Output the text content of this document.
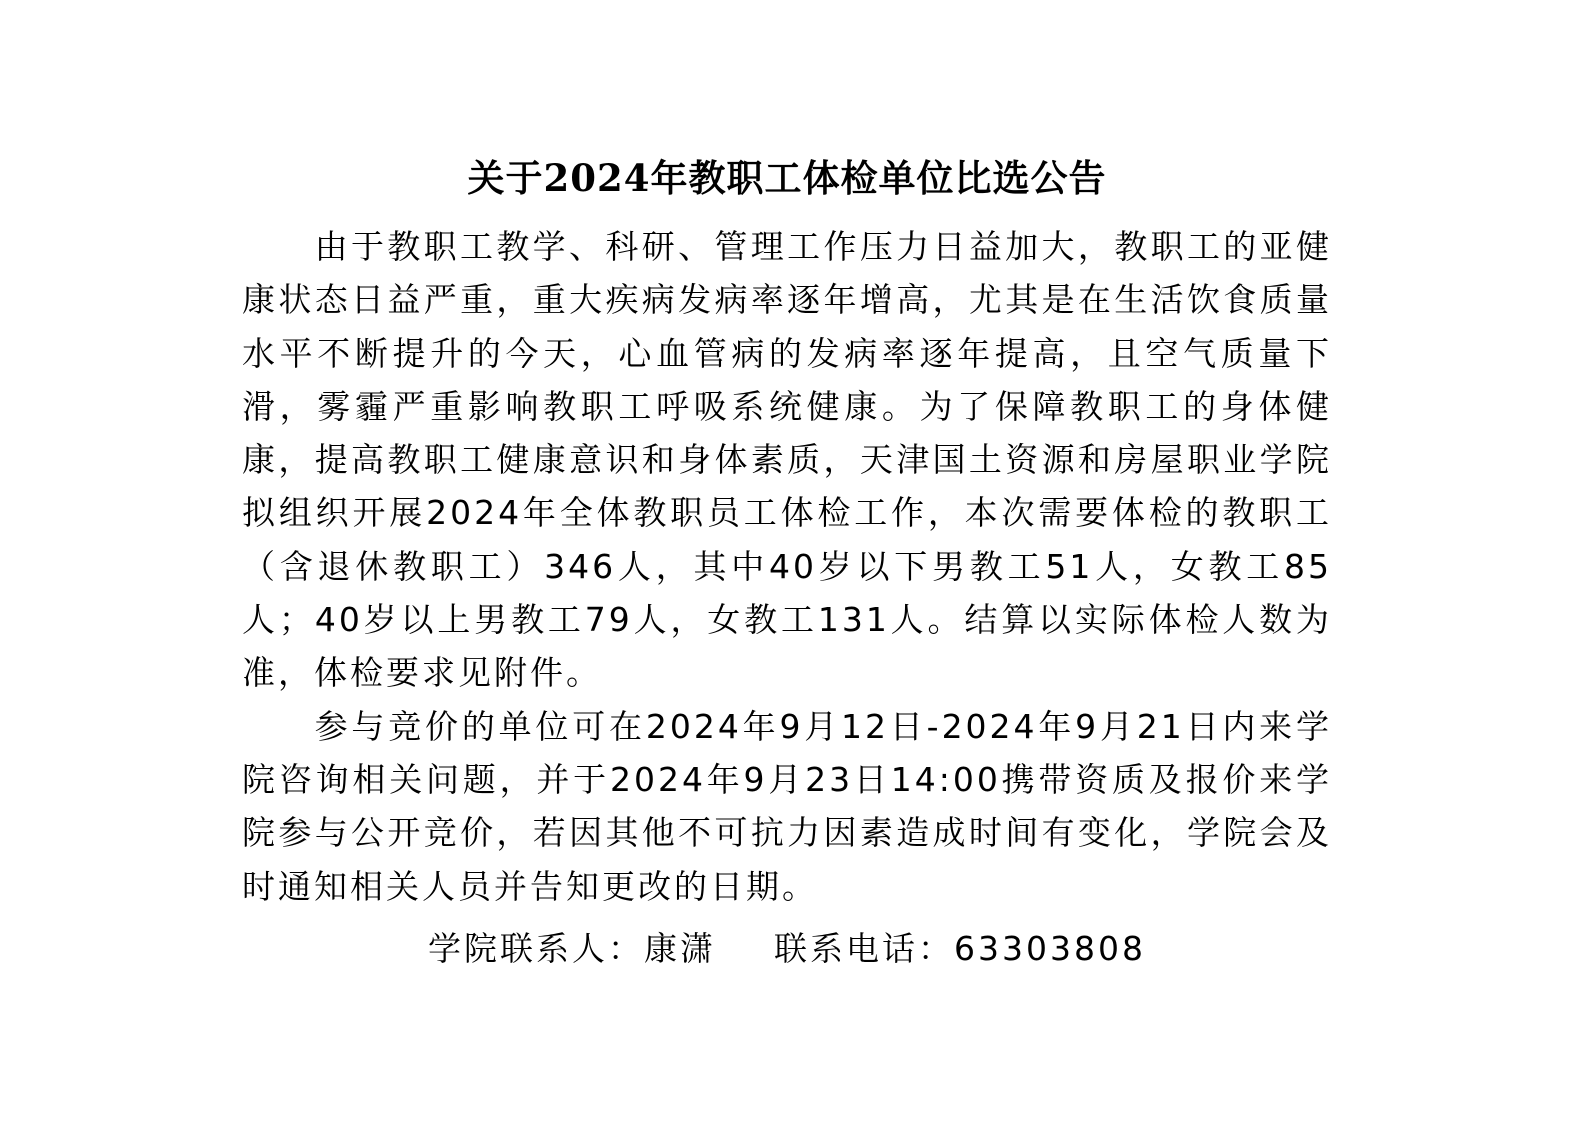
关于2024年教职工体检单位比选公告

由于教职工教学、科研、管理工作压力日益加大，教职工的亚健康状态日益严重，重大疾病发病率逐年增高，尤其是在生活饮食质量水平不断提升的今天，心血管病的发病率逐年提高，且空气质量下滑，雾霾严重影响教职工呼吸系统健康。为了保障教职工的身体健康，提高教职工健康意识和身体素质，天津国土资源和房屋职业学院拟组织开展2024年全体教职员工体检工作，本次需要体检的教职工（含退休教职工）346人，其中40岁以下男教工51人，女教工85人；40岁以上男教工79人，女教工131人。结算以实际体检人数为准，体检要求见附件。

参与竞价的单位可在2024年9月12日-2024年9月21日内来学院咨询相关问题，并于2024年9月23日14:00携带资质及报价来学院参与公开竞价，若因其他不可抗力因素造成时间有变化，学院会及时通知相关人员并告知更改的日期。

学院联系人：康潇 联系电话：63303808
